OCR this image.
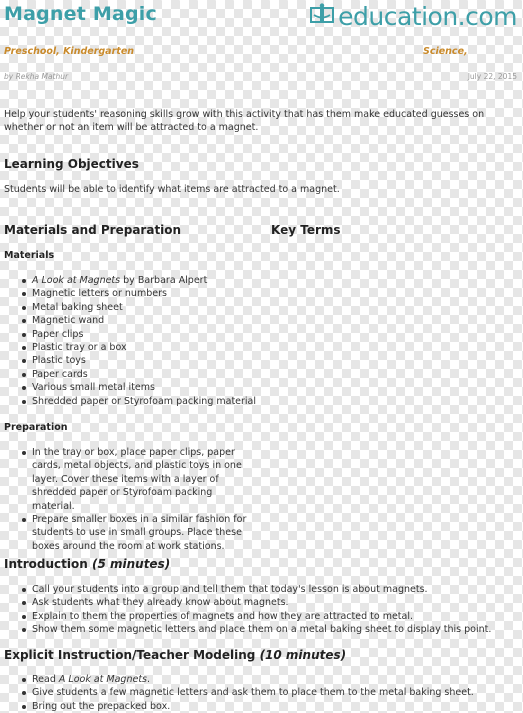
Magnet Magic	education.com
Preschool, Kindergarten	Science,
by Rekha Mathur	July 22, 2015
Help your students' reasoning skills grow with this activity that has them make educated guesses on whether or not an item will be attracted to a magnet.
Learning Objectives
Students will be able to identify what items are attracted to a magnet.
Materials and Preparation	Key Terms
Materials
A Look at Magnets by Barbara Alpert
Magnetic letters or numbers
Metal baking sheet
Magnetic wand
Paper clips
Plastic tray or a box
Plastic toys
Paper cards
Various small metal items
Shredded paper or Styrofoam packing material
Preparation
In the tray or box, place paper clips, paper cards, metal objects, and plastic toys in one layer. Cover these items with a layer of shredded paper or Styrofoam packing material.
Prepare smaller boxes in a similar fashion for students to use in small groups. Place these boxes around the room at work stations.
Introduction (5 minutes)
Call your students into a group and tell them that today's lesson is about magnets.
Ask students what they already know about magnets.
Explain to them the properties of magnets and how they are attracted to metal.
Show them some magnetic letters and place them on a metal baking sheet to display this point.
Explicit Instruction/Teacher Modeling (10 minutes)
Read A Look at Magnets.
Give students a few magnetic letters and ask them to place them to the metal baking sheet.
Bring out the prepacked box.
